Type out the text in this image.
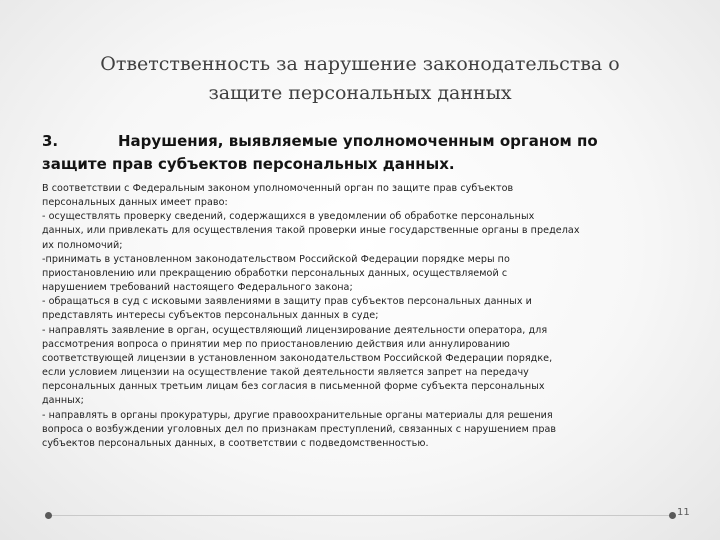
Ответственность за нарушение законодательства о
защите персональных данных
3.	Нарушения, выявляемые уполномоченным органом по
защите прав субъектов персональных данных.
В соответствии с Федеральным законом уполномоченный орган по защите прав субъектов
персональных данных имеет право:
- осуществлять проверку сведений, содержащихся в уведомлении об обработке персональных
данных, или привлекать для осуществления такой проверки иные государственные органы в пределах
их полномочий;
-принимать в установленном законодательством Российской Федерации порядке меры по
приостановлению или прекращению обработки персональных данных, осуществляемой с
нарушением требований настоящего Федерального закона;
- обращаться в суд с исковыми заявлениями в защиту прав субъектов персональных данных и
представлять интересы субъектов персональных данных в суде;
- направлять заявление в орган, осуществляющий лицензирование деятельности оператора, для
рассмотрения вопроса о принятии мер по приостановлению действия или аннулированию
соответствующей лицензии в установленном законодательством Российской Федерации порядке,
если условием лицензии на осуществление такой деятельности является запрет на передачу
персональных данных третьим лицам без согласия в письменной форме субъекта персональных
данных;
- направлять в органы прокуратуры, другие правоохранительные органы материалы для решения
вопроса о возбуждении уголовных дел по признакам преступлений, связанных с нарушением прав
субъектов персональных данных, в соответствии с подведомственностью.
11
